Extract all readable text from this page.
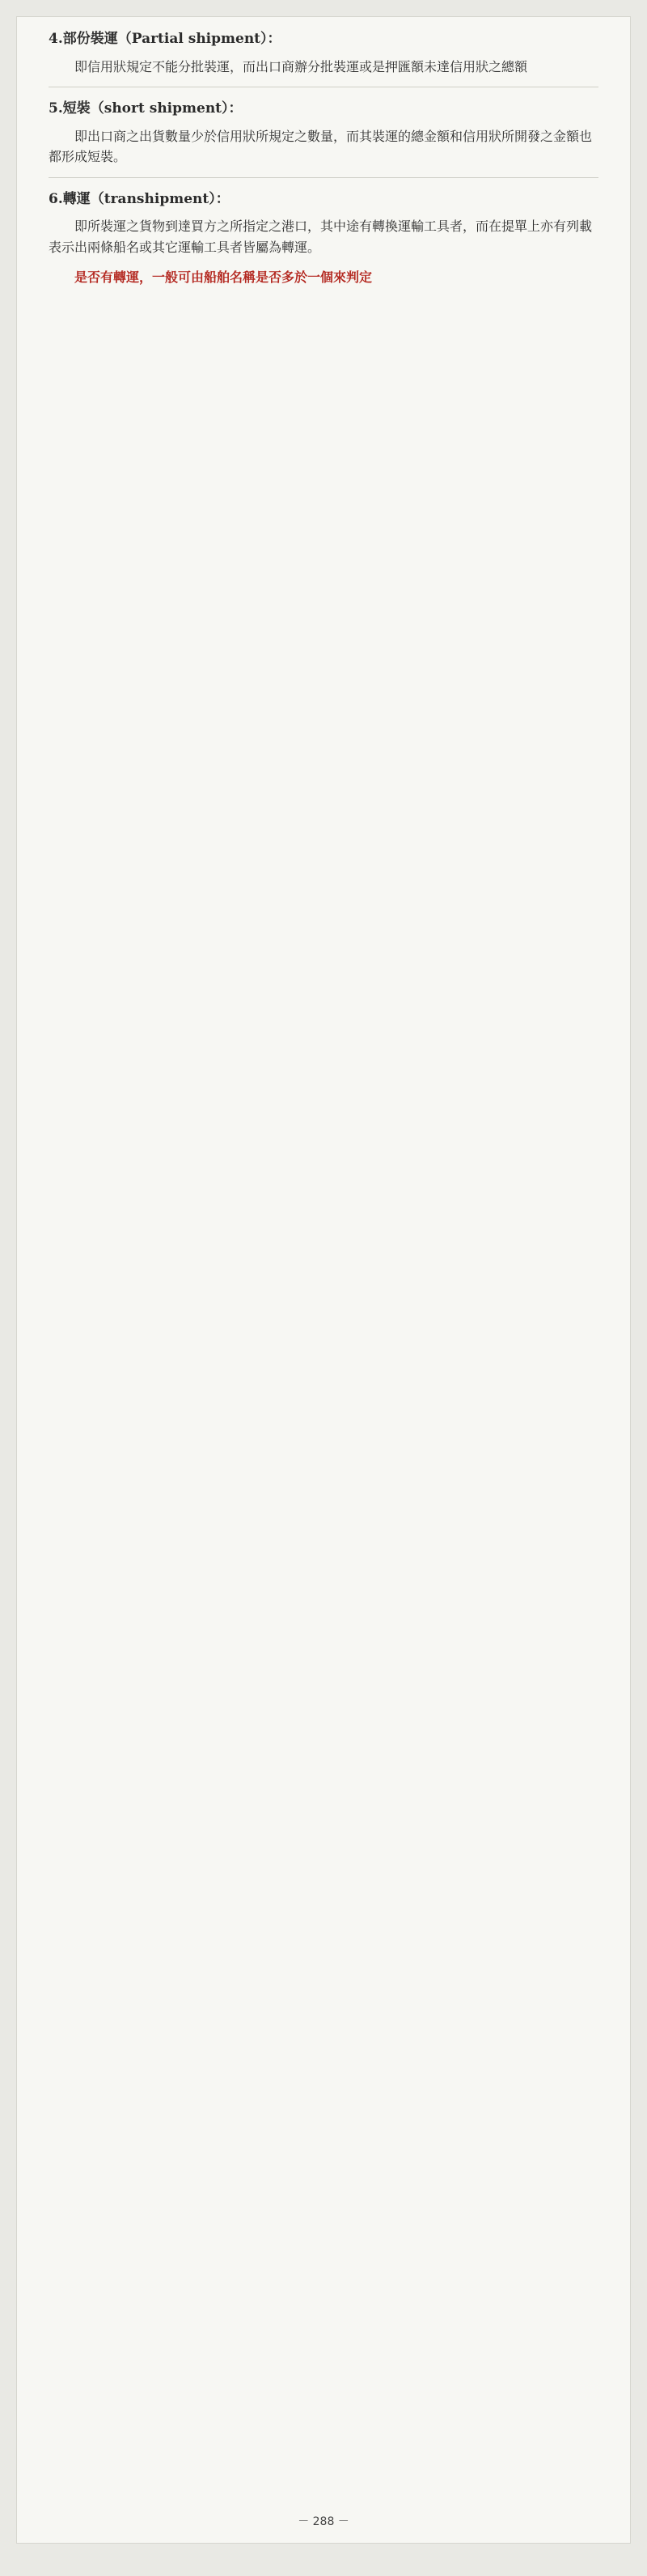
4.部份裝運（Partial shipment）：
即信用狀規定不能分批裝運，而出口商辦分批裝運或是押匯額未達信用狀之總額
5.短裝（short shipment）：
即出口商之出貨數量少於信用狀所規定之數量，而其裝運的總金額和信用狀所開發之金額也都形成短裝。
6.轉運（transhipment）：
即所裝運之貨物到達買方之所指定之港口，其中途有轉換運輸工具者，而在提單上亦有列載表示出兩條船名或其它運輸工具者皆屬為轉運。
是否有轉運，一般可由船舶名稱是否多於一個來判定
－ 288 －
